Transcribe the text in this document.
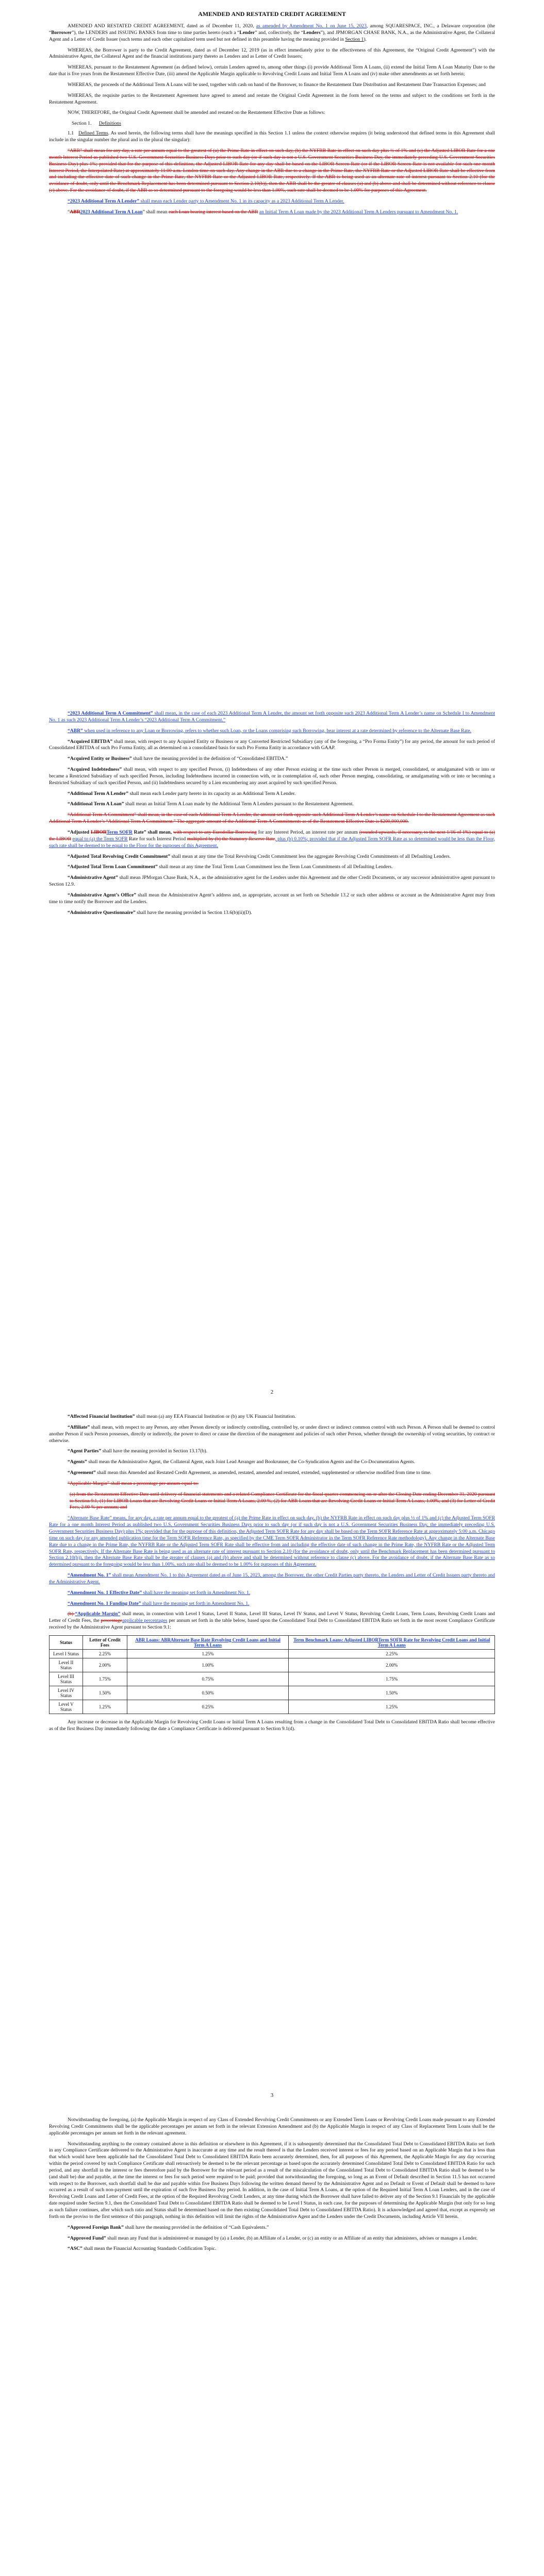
AMENDED AND RESTATED CREDIT AGREEMENT

AMENDED AND RESTATED CREDIT AGREEMENT, dated as of December 11, 2020, as amended by Amendment No. 1 on June 15, 2023, among SQUARESPACE, INC., a Delaware corporation (the “Borrower”), the LENDERS and ISSUING BANKS from time to time parties hereto (each a “Lender” and, collectively, the “Lenders”), and JPMORGAN CHASE BANK, N.A., as the Administrative Agent, the Collateral Agent and a Letter of Credit Issuer (such terms and each other capitalized term used but not defined in this preamble having the meaning provided in Section 1).

WHEREAS, the Borrower is party to the Credit Agreement, dated as of December 12, 2019 (as in effect immediately prior to the effectiveness of this Agreement, the “Original Credit Agreement”) with the Administrative Agent, the Collateral Agent and the financial institutions party thereto as Lenders and as Letter of Credit Issuers;

WHEREAS, pursuant to the Restatement Agreement (as defined below), certain Lenders agreed to, among other things (i) provide Additional Term A Loans, (ii) extend the Initial Term A Loan Maturity Date to the date that is five years from the Restatement Effective Date, (iii) amend the Applicable Margin applicable to Revolving Credit Loans and Initial Term A Loans and (iv) make other amendments as set forth herein;

WHEREAS, the proceeds of the Additional Term A Loans will be used, together with cash on hand of the Borrower, to finance the Restatement Date Distribution and Restatement Date Transaction Expenses; and

WHEREAS, the requisite parties to the Restatement Agreement have agreed to amend and restate the Original Credit Agreement in the form hereof on the terms and subject to the conditions set forth in the Restatement Agreement.

NOW, THEREFORE, the Original Credit Agreement shall be amended and restated on the Restatement Effective Date as follows:

Section 1. Definitions

1.1 Defined Terms. As used herein, the following terms shall have the meanings specified in this Section 1.1 unless the context otherwise requires (it being understood that defined terms in this Agreement shall include in the singular number the plural and in the plural the singular):

“ABR” shall mean for any day, a rate per annum equal to the greatest of (a) the Prime Rate in effect on such day, (b) the NYFRB Rate in effect on such day plus ½ of 1% and (c) the Adjusted LIBOR Rate for a one month Interest Period as published two U.S. Government Securities Business Days prior to such day (or if such day is not a U.S. Government Securities Business Day, the immediately preceding U.S. Government Securities Business Day) plus 1%; provided that for the purpose of this definition, the Adjusted LIBOR Rate for any day shall be based on the LIBOR Screen Rate (or if the LIBOR Screen Rate is not available for such one month Interest Period, the Interpolated Rate) at approximately 11:00 a.m. London time on such day. Any change in the ABR due to a change in the Prime Rate, the NYFRB Rate or the Adjusted LIBOR Rate shall be effective from and including the effective date of such change in the Prime Rate, the NYFRB Rate or the Adjusted LIBOR Rate, respectively. If the ABR is being used as an alternate rate of interest pursuant to Section 2.10 (for the avoidance of doubt, only until the Benchmark Replacement has been determined pursuant to Section 2.10(b)), then the ABR shall be the greater of clauses (a) and (b) above and shall be determined without reference to clause (c) above. For the avoidance of doubt, if the ABR as so determined pursuant to the foregoing would be less than 1.00%, such rate shall be deemed to be 1.00% for purposes of this Agreement.

“2023 Additional Term A Lender” shall mean each Lender party to Amendment No. 1 in its capacity as a 2023 Additional Term A Lender.

“ABR2023 Additional Term A Loan” shall mean each Loan bearing interest based on the ABR an Initial Term A Loan made by the 2023 Additional Term A Lenders pursuant to Amendment No. 1.

“2023 Additional Term A Commitment” shall mean, in the case of each 2023 Additional Term A Lender, the amount set forth opposite such 2023 Additional Term A Lender’s name on Schedule I to Amendment No. 1 as such 2023 Additional Term A Lender’s “2023 Additional Term A Commitment.”

“ABR” when used in reference to any Loan or Borrowing, refers to whether such Loan, or the Loans comprising such Borrowing, bear interest at a rate determined by reference to the Alternate Base Rate.

“Acquired EBITDA” shall mean, with respect to any Acquired Entity or Business or any Converted Restricted Subsidiary (any of the foregoing, a “Pro Forma Entity”) for any period, the amount for such period of Consolidated EBITDA of such Pro Forma Entity, all as determined on a consolidated basis for such Pro Forma Entity in accordance with GAAP.

“Acquired Entity or Business” shall have the meaning provided in the definition of “Consolidated EBITDA.”

“Acquired Indebtedness” shall mean, with respect to any specified Person, (i) Indebtedness of any other Person existing at the time such other Person is merged, consolidated, or amalgamated with or into or became a Restricted Subsidiary of such specified Person, including Indebtedness incurred in connection with, or in contemplation of, such other Person merging, consolidating, or amalgamating with or into or becoming a Restricted Subsidiary of such specified Person, and (ii) Indebtedness secured by a Lien encumbering any asset acquired by such specified Person.

“Additional Term A Lender” shall mean each Lender party hereto in its capacity as an Additional Term A Lender.

“Additional Term A Loan” shall mean an Initial Term A Loan made by the Additional Term A Lenders pursuant to the Restatement Agreement.

“Additional Term A Commitment” shall mean, in the case of each Additional Term A Lender, the amount set forth opposite such Additional Term A Lender’s name on Schedule I to the Restatement Agreement as such Additional Term A Lender’s “Additional Term A Commitment.” The aggregate amount of the Additional Term A Commitments as of the Restatement Effective Date is $200,000,000.

“Adjusted LIBORTerm SOFR Rate” shall mean, with respect to any Eurodollar Borrowing for any Interest Period, an interest rate per annum (rounded upwards, if necessary, to the next 1/16 of 1%) equal to (a) the LIBOR equal to (a) the Term SOFR Rate for such Interest Period multiplied by (b) the Statutory Reserve Rate, plus (b) 0.10%; provided that if the Adjusted Term SOFR Rate as so determined would be less than the Floor, such rate shall be deemed to be equal to the Floor for the purposes of this Agreement.

“Adjusted Total Revolving Credit Commitment” shall mean at any time the Total Revolving Credit Commitment less the aggregate Revolving Credit Commitments of all Defaulting Lenders.

“Adjusted Total Term Loan Commitment” shall mean at any time the Total Term Loan Commitment less the Term Loan Commitments of all Defaulting Lenders.

“Administrative Agent” shall mean JPMorgan Chase Bank, N.A., as the administrative agent for the Lenders under this Agreement and the other Credit Documents, or any successor administrative agent pursuant to Section 12.9.

“Administrative Agent’s Office” shall mean the Administrative Agent’s address and, as appropriate, account as set forth on Schedule 13.2 or such other address or account as the Administrative Agent may from time to time notify the Borrower and the Lenders.

“Administrative Questionnaire” shall have the meaning provided in Section 13.6(b)(ii)(D).

2

“Affected Financial Institution” shall mean (a) any EEA Financial Institution or (b) any UK Financial Institution.

“Affiliate” shall mean, with respect to any Person, any other Person directly or indirectly controlling, controlled by, or under direct or indirect common control with such Person. A Person shall be deemed to control another Person if such Person possesses, directly or indirectly, the power to direct or cause the direction of the management and policies of such other Person, whether through the ownership of voting securities, by contract or otherwise.

“Agent Parties” shall have the meaning provided in Section 13.17(b).

“Agents” shall mean the Administrative Agent, the Collateral Agent, each Joint Lead Arranger and Bookrunner, the Co-Syndication Agents and the Co-Documentation Agents.

“Agreement” shall mean this Amended and Restated Credit Agreement, as amended, restated, amended and restated, extended, supplemented or otherwise modified from time to time.

“Applicable Margin” shall mean a percentage per annum equal to:

(a) from the Restatement Effective Date until delivery of financial statements and a related Compliance Certificate for the fiscal quarter commencing on or after the Closing Date ending December 31, 2020 pursuant to Section 9.1, (1) for LIBOR Loans that are Revolving Credit Loans or Initial Term A Loans, 2.00 %, (2) for ABR Loans that are Revolving Credit Loans or Initial Term A Loans, 1.00%, and (3) for Letter of Credit Fees, 2.00 % per annum; and

“Alternate Base Rate” means, for any day, a rate per annum equal to the greatest of (a) the Prime Rate in effect on such day, (b) the NYFRB Rate in effect on such day plus ½ of 1% and (c) the Adjusted Term SOFR Rate for a one month Interest Period as published two U.S. Government Securities Business Days prior to such day (or if such day is not a U.S. Government Securities Business Day, the immediately preceding U.S. Government Securities Business Day) plus 1%; provided that for the purpose of this definition, the Adjusted Term SOFR Rate for any day shall be based on the Term SOFR Reference Rate at approximately 5:00 a.m. Chicago time on such day (or any amended publication time for the Term SOFR Reference Rate, as specified by the CME Term SOFR Administrator in the Term SOFR Reference Rate methodology). Any change in the Alternate Base Rate due to a change in the Prime Rate, the NYFRB Rate or the Adjusted Term SOFR Rate shall be effective from and including the effective date of such change in the Prime Rate, the NYFRB Rate or the Adjusted Term SOFR Rate, respectively. If the Alternate Base Rate is being used as an alternate rate of interest pursuant to Section 2.10 (for the avoidance of doubt, only until the Benchmark Replacement has been determined pursuant to Section 2.10(b)), then the Alternate Base Rate shall be the greater of clauses (a) and (b) above and shall be determined without reference to clause (c) above. For the avoidance of doubt, if the Alternate Base Rate as so determined pursuant to the foregoing would be less than 1.00%, such rate shall be deemed to be 1.00% for purposes of this Agreement.

“Amendment No. 1” shall mean Amendment No. 1 to this Agreement dated as of June 15, 2023, among the Borrower, the other Credit Parties party thereto, the Lenders and Letter of Credit Issuers party thereto and the Administrative Agent.

“Amendment No. 1 Effective Date” shall have the meaning set forth in Amendment No. 1.

“Amendment No. 1 Funding Date” shall have the meaning set forth in Amendment No. 1.

(b) “Applicable Margin” shall mean, in connection with Level I Status, Level II Status, Level III Status, Level IV Status, and Level V Status, Revolving Credit Loans, Term Loans, Revolving Credit Loans and Letter of Credit Fees, the percentageapplicable percentages per annum set forth in the table below, based upon the Consolidated Total Debt to Consolidated EBITDA Ratio set forth in the most recent Compliance Certificate received by the Administrative Agent pursuant to Section 9.1:

Status	Letter of Credit Fees	ABR Loans: ABRAlternate Base Rate Revolving Credit Loans and Initial Term A Loans	Term Benchmark Loans: Adjusted LIBORTerm SOFR Rate for Revolving Credit Loans and Initial Term A Loans
Level I Status	2.25%	1.25%	2.25%
Level II Status	2.00%	1.00%	2.00%
Level III Status	1.75%	0.75%	1.75%
Level IV Status	1.50%	0.50%	1.50%
Level V Status	1.25%	0.25%	1.25%

Any increase or decrease in the Applicable Margin for Revolving Credit Loans or Initial Term A Loans resulting from a change in the Consolidated Total Debt to Consolidated EBITDA Ratio shall become effective as of the first Business Day immediately following the date a Compliance Certificate is delivered pursuant to Section 9.1(d).

3

Notwithstanding the foregoing, (a) the Applicable Margin in respect of any Class of Extended Revolving Credit Commitments or any Extended Term Loans or Revolving Credit Loans made pursuant to any Extended Revolving Credit Commitments shall be the applicable percentages per annum set forth in the relevant Extension Amendment and (b) the Applicable Margin in respect of any Class of Replacement Term Loans shall be the applicable percentages per annum set forth in the relevant agreement.

Notwithstanding anything to the contrary contained above in this definition or elsewhere in this Agreement, if it is subsequently determined that the Consolidated Total Debt to Consolidated EBITDA Ratio set forth in any Compliance Certificate delivered to the Administrative Agent is inaccurate at any time and the result thereof is that the Lenders received interest or fees for any period based on an Applicable Margin that is less than that which would have been applicable had the Consolidated Total Debt to Consolidated EBITDA Ratio been accurately determined, then, for all purposes of this Agreement, the Applicable Margin for any day occurring within the period covered by such Compliance Certificate shall retroactively be deemed to be the relevant percentage as based upon the accurately determined Consolidated Total Debt to Consolidated EBITDA Ratio for such period, and any shortfall in the interest or fees theretofore paid by the Borrower for the relevant period as a result of the miscalculation of the Consolidated Total Debt to Consolidated EBITDA Ratio shall be deemed to be (and shall be) due and payable, at the time the interest or fees for such period were required to be paid; provided that notwithstanding the foregoing, so long as an Event of Default described in Section 11.5 has not occurred with respect to the Borrower, such shortfall shall be due and payable within five Business Days following the written demand thereof by the Administrative Agent and no Default or Event of Default shall be deemed to have occurred as a result of such non-payment until the expiration of such five Business Day period. In addition, in the case of Initial Term A Loans, at the option of the Required Initial Term A Loan Lenders, and in the case of Revolving Credit Loans and Letter of Credit Fees, at the option of the Required Revolving Credit Lenders, at any time during which the Borrower shall have failed to deliver any of the Section 9.1 Financials by the applicable date required under Section 9.1, then the Consolidated Total Debt to Consolidated EBITDA Ratio shall be deemed to be Level I Status, in each case, for the purposes of determining the Applicable Margin (but only for so long as such failure continues, after which such ratio and Status shall be determined based on the then existing Consolidated Total Debt to Consolidated EBITDA Ratio). It is acknowledged and agreed that, except as expressly set forth on the proviso to the first sentence of this paragraph, nothing in this definition will limit the rights of the Administrative Agent and the Lenders under the Credit Documents, including Article VII herein.

“Approved Foreign Bank” shall have the meaning provided in the definition of “Cash Equivalents.”

“Approved Fund” shall mean any Fund that is administered or managed by (a) a Lender, (b) an Affiliate of a Lender, or (c) an entity or an Affiliate of an entity that administers, advises or manages a Lender.

“ASC” shall mean the Financial Accounting Standards Codification Topic.
